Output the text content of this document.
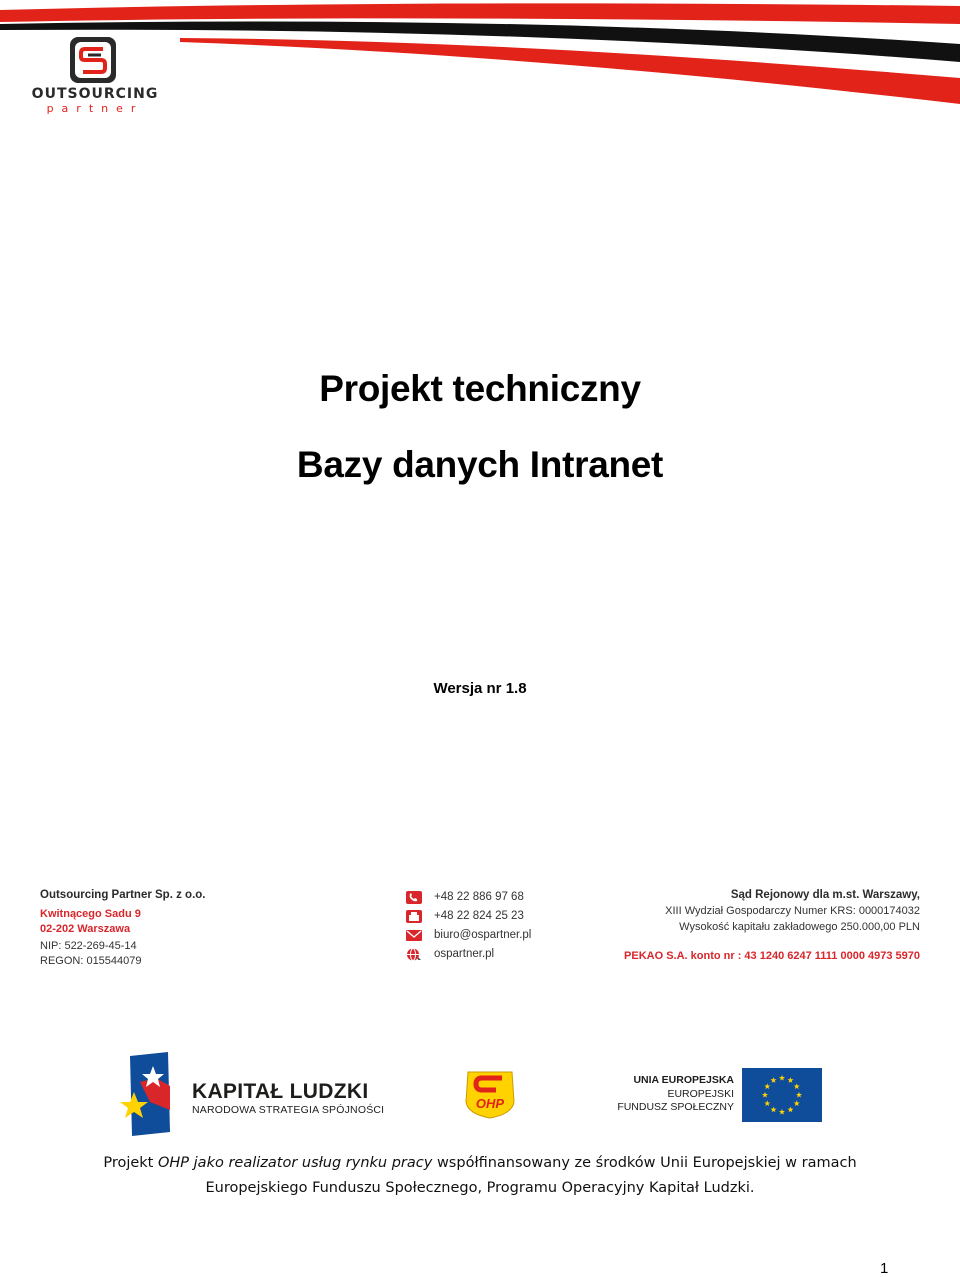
OUTSOURCING
partner
Projekt techniczny
Bazy danych Intranet
Wersja nr 1.8
Outsourcing Partner Sp. z o.o.
Kwitnącego Sadu 9
02-202 Warszawa
NIP: 522-269-45-14
REGON: 015544079
+48 22 886 97 68
+48 22 824 25 23
biuro@ospartner.pl
ospartner.pl
Sąd Rejonowy dla m.st. Warszawy,
XIII Wydział Gospodarczy Numer KRS: 0000174032
Wysokość kapitału zakładowego 250.000,00 PLN
PEKAO S.A. konto nr : 43 1240 6247 1111 0000 4973 5970
KAPITAŁ LUDZKI
NARODOWA STRATEGIA SPÓJNOŚCI	OHP
UNIA EUROPEJSKA
EUROPEJSKI
FUNDUSZ SPOŁECZNY
Projekt OHP jako realizator usług rynku pracy współfinansowany ze środków Unii Europejskiej w ramach
Europejskiego Funduszu Społecznego, Programu Operacyjny Kapitał Ludzki.
1
